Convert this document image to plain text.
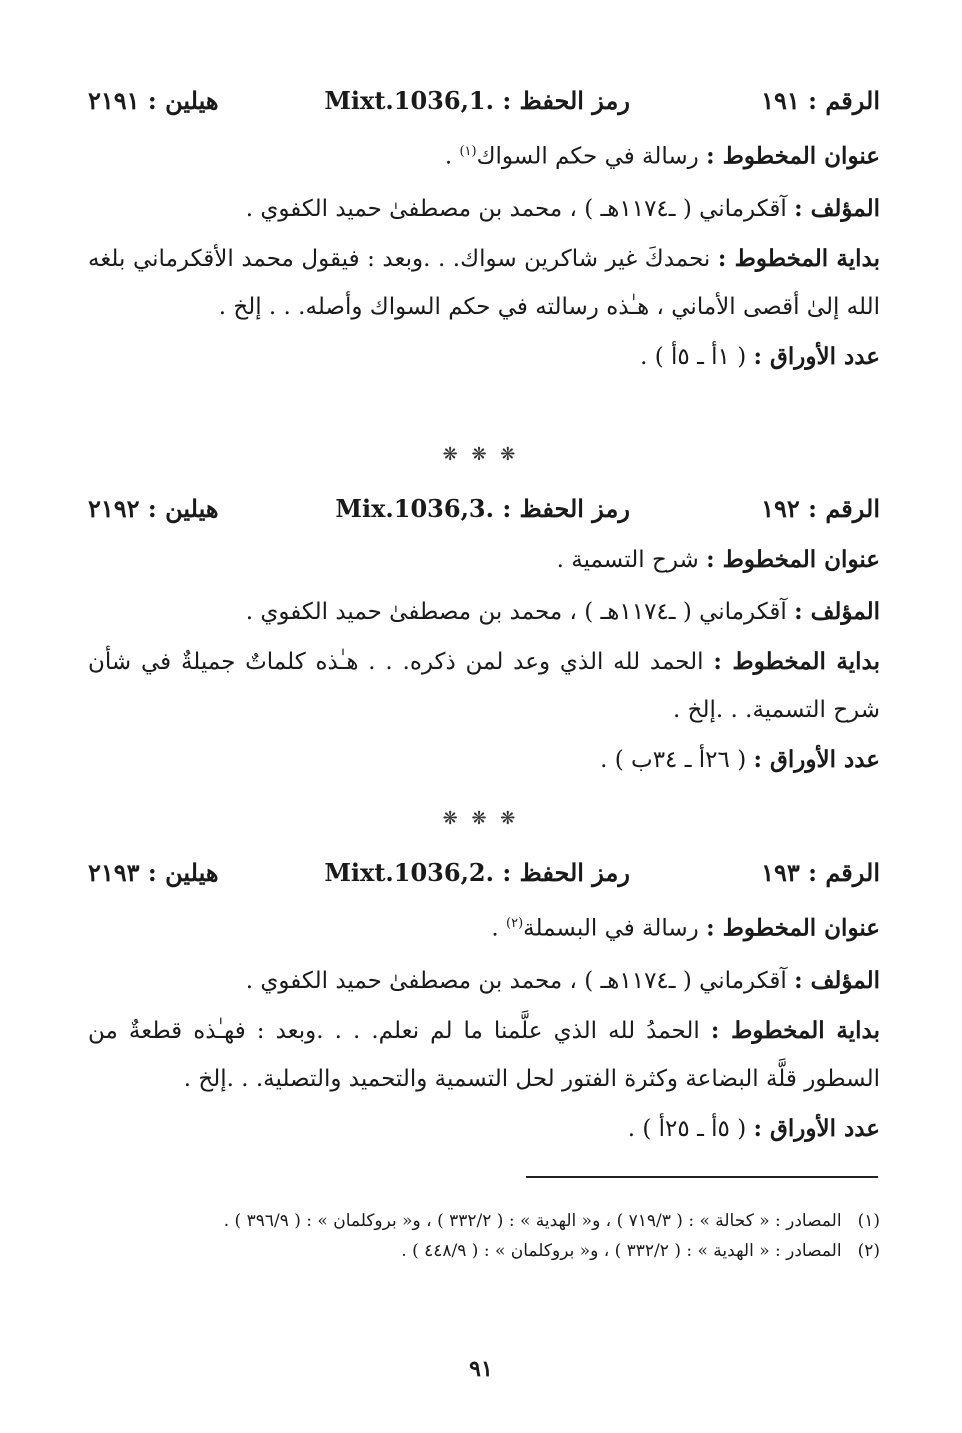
الرقم : ١٩١
رمز الحفظ : Mixt.1036,1.
هيلين : ٢١٩١
عنوان المخطوط : رسالة في حكم السواك$^{(١)}$ .
المؤلف : آقكرماني ( ـ١١٧٤هـ ) ، محمد بن مصطفىٰ حميد الكفوي .
بداية المخطوط : نحمدكَ غير شاكرين سواك. . .وبعد : فيقول محمد الأقكرماني بلغه الله إلىٰ أقصى الأماني ، هـٰذه رسالته في حكم السواك وأصله. . . إلخ .
عدد الأوراق : ( ١أ ـ ٥أ ) .
❋ ❋ ❋
الرقم : ١٩٢
رمز الحفظ : Mix.1036,3.
هيلين : ٢١٩٢
عنوان المخطوط : شرح التسمية .
المؤلف : آقكرماني ( ـ١١٧٤هـ ) ، محمد بن مصطفىٰ حميد الكفوي .
بداية المخطوط : الحمد لله الذي وعد لمن ذكره. . . هـٰذه كلماتٌ جميلةٌ في شأن شرح التسمية. . .إلخ .
عدد الأوراق : ( ٢٦أ ـ ٣٤ب ) .
❋ ❋ ❋
الرقم : ١٩٣
رمز الحفظ : Mixt.1036,2.
هيلين : ٢١٩٣
عنوان المخطوط : رسالة في البسملة$^{(٢)}$ .
المؤلف : آقكرماني ( ـ١١٧٤هـ ) ، محمد بن مصطفىٰ حميد الكفوي .
بداية المخطوط : الحمدُ لله الذي علَّمنا ما لم نعلم. . . .وبعد : فهـٰذه قطعةٌ من السطور قلَّة البضاعة وكثرة الفتور لحل التسمية والتحميد والتصلية. . .إلخ .
عدد الأوراق : ( ٥أ ـ ٢٥أ ) .
(١)المصادر : « كحالة » : ( ٧١٩/٣ ) ، و« الهدية » : ( ٣٣٢/٢ ) ، و« بروكلمان » : ( ٣٩٦/٩ ) .
(٢)المصادر : « الهدية » : ( ٣٣٢/٢ ) ، و« بروكلمان » : ( ٤٤٨/٩ ) .
٩١
